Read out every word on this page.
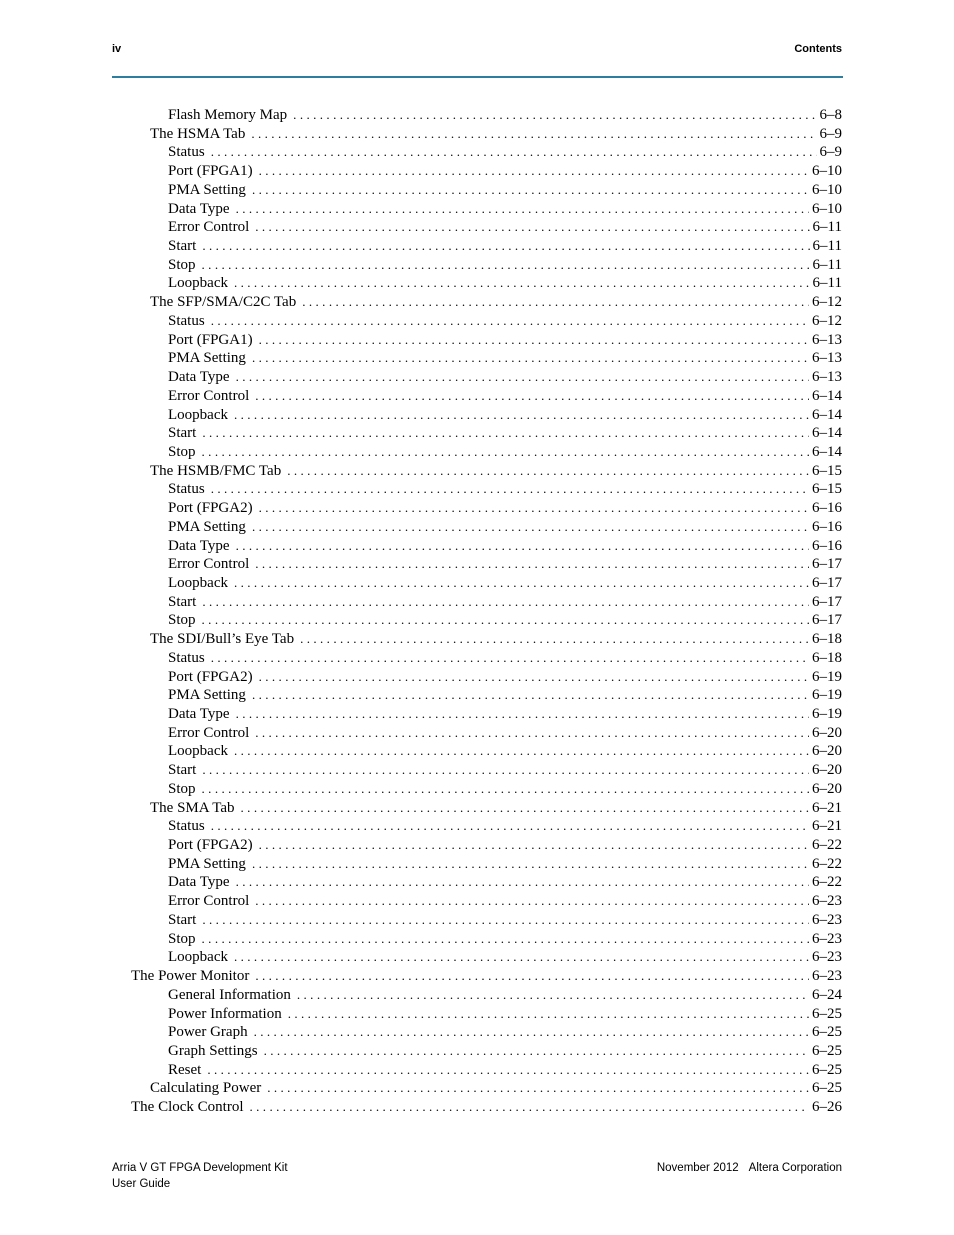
iv	Contents
Flash Memory Map .....	6–8
The HSMA Tab .....	6–9
Status .....	6–9
Port (FPGA1) .....	6–10
PMA Setting .....	6–10
Data Type .....	6–10
Error Control .....	6–11
Start .....	6–11
Stop .....	6–11
Loopback .....	6–11
The SFP/SMA/C2C Tab .....	6–12
Status .....	6–12
Port (FPGA1) .....	6–13
PMA Setting .....	6–13
Data Type .....	6–13
Error Control .....	6–14
Loopback .....	6–14
Start .....	6–14
Stop .....	6–14
The HSMB/FMC Tab .....	6–15
Status .....	6–15
Port (FPGA2) .....	6–16
PMA Setting .....	6–16
Data Type .....	6–16
Error Control .....	6–17
Loopback .....	6–17
Start .....	6–17
Stop .....	6–17
The SDI/Bull’s Eye Tab .....	6–18
Status .....	6–18
Port (FPGA2) .....	6–19
PMA Setting .....	6–19
Data Type .....	6–19
Error Control .....	6–20
Loopback .....	6–20
Start .....	6–20
Stop .....	6–20
The SMA Tab .....	6–21
Status .....	6–21
Port (FPGA2) .....	6–22
PMA Setting .....	6–22
Data Type .....	6–22
Error Control .....	6–23
Start .....	6–23
Stop .....	6–23
Loopback .....	6–23
The Power Monitor .....	6–23
General Information .....	6–24
Power Information .....	6–25
Power Graph .....	6–25
Graph Settings .....	6–25
Reset .....	6–25
Calculating Power .....	6–25
The Clock Control .....	6–26
Arria V GT FPGA Development Kit
User Guide
November 2012 Altera Corporation
